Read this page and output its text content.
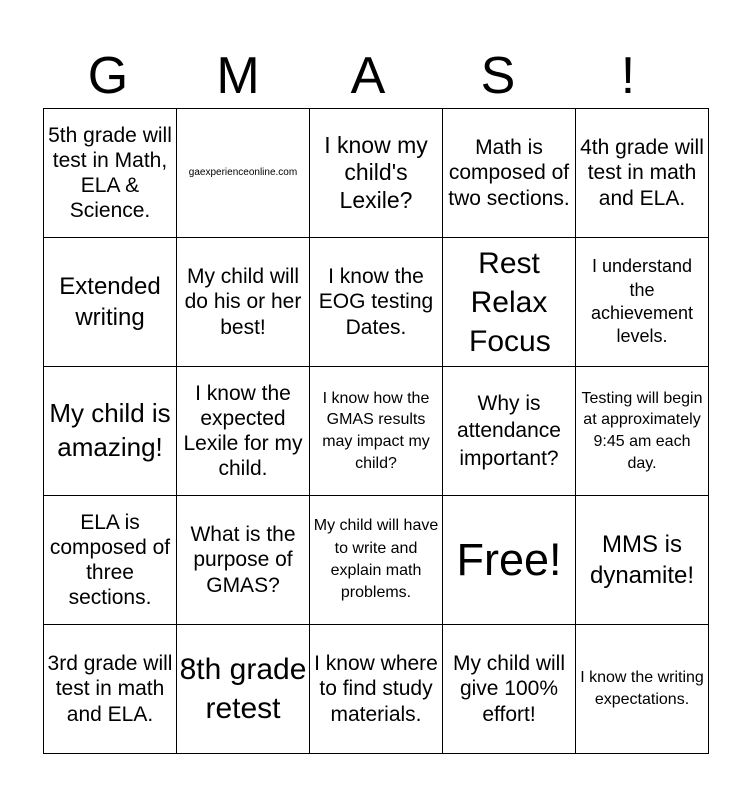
G	M	A	S	!
5th grade will test in Math, ELA & Science.	gaexperienceonline.com	I know my child's Lexile?	Math is composed of two sections.	4th grade will test in math and ELA.

Extended writing	My child will do his or her best!	I know the EOG testing Dates.	Rest Relax Focus	I understand the achievement levels.

My child is amazing!	I know the expected Lexile for my child.	I know how the GMAS results may impact my child?	Why is attendance important?	Testing will begin at approximately 9:45 am each day.

ELA is composed of three sections.	What is the purpose of GMAS?	My child will have to write and explain math problems.	Free!	MMS is dynamite!

3rd grade will test in math and ELA.	8th grade retest	I know where to find study materials.	My child will give 100% effort!	I know the writing expectations.
